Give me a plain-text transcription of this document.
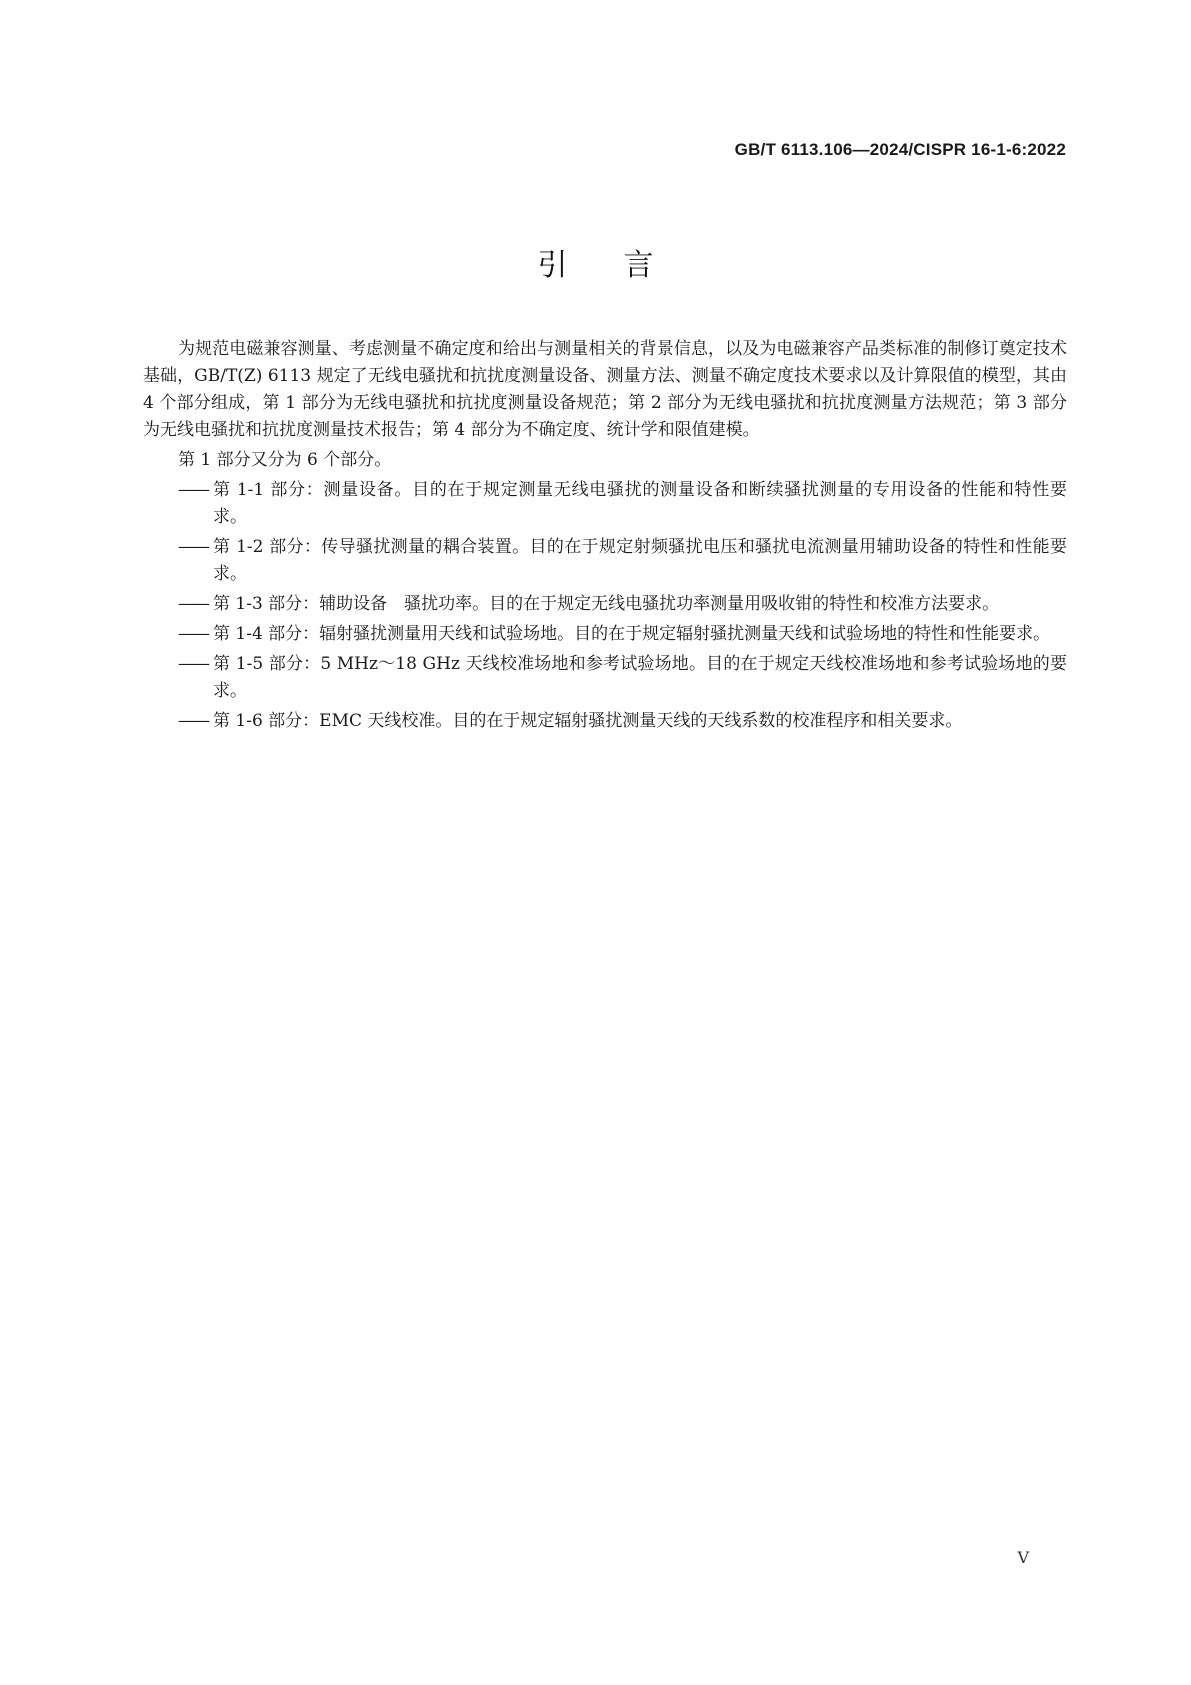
GB/T 6113.106—2024/CISPR 16-1-6:2022
引言

为规范电磁兼容测量、考虑测量不确定度和给出与测量相关的背景信息，以及为电磁兼容产品类标准的制修订奠定技术基础，GB/T(Z) 6113 规定了无线电骚扰和抗扰度测量设备、测量方法、测量不确定度技术要求以及计算限值的模型，其由 4 个部分组成，第 1 部分为无线电骚扰和抗扰度测量设备规范；第 2 部分为无线电骚扰和抗扰度测量方法规范；第 3 部分为无线电骚扰和抗扰度测量技术报告；第 4 部分为不确定度、统计学和限值建模。

第 1 部分又分为 6 个部分。

—— 第 1-1 部分：测量设备。目的在于规定测量无线电骚扰的测量设备和断续骚扰测量的专用设备的性能和特性要求。
—— 第 1-2 部分：传导骚扰测量的耦合装置。目的在于规定射频骚扰电压和骚扰电流测量用辅助设备的特性和性能要求。
—— 第 1-3 部分：辅助设备　骚扰功率。目的在于规定无线电骚扰功率测量用吸收钳的特性和校准方法要求。
—— 第 1-4 部分：辐射骚扰测量用天线和试验场地。目的在于规定辐射骚扰测量天线和试验场地的特性和性能要求。
—— 第 1-5 部分：5 MHz～18 GHz 天线校准场地和参考试验场地。目的在于规定天线校准场地和参考试验场地的要求。
—— 第 1-6 部分：EMC 天线校准。目的在于规定辐射骚扰测量天线的天线系数的校准程序和相关要求。
V
